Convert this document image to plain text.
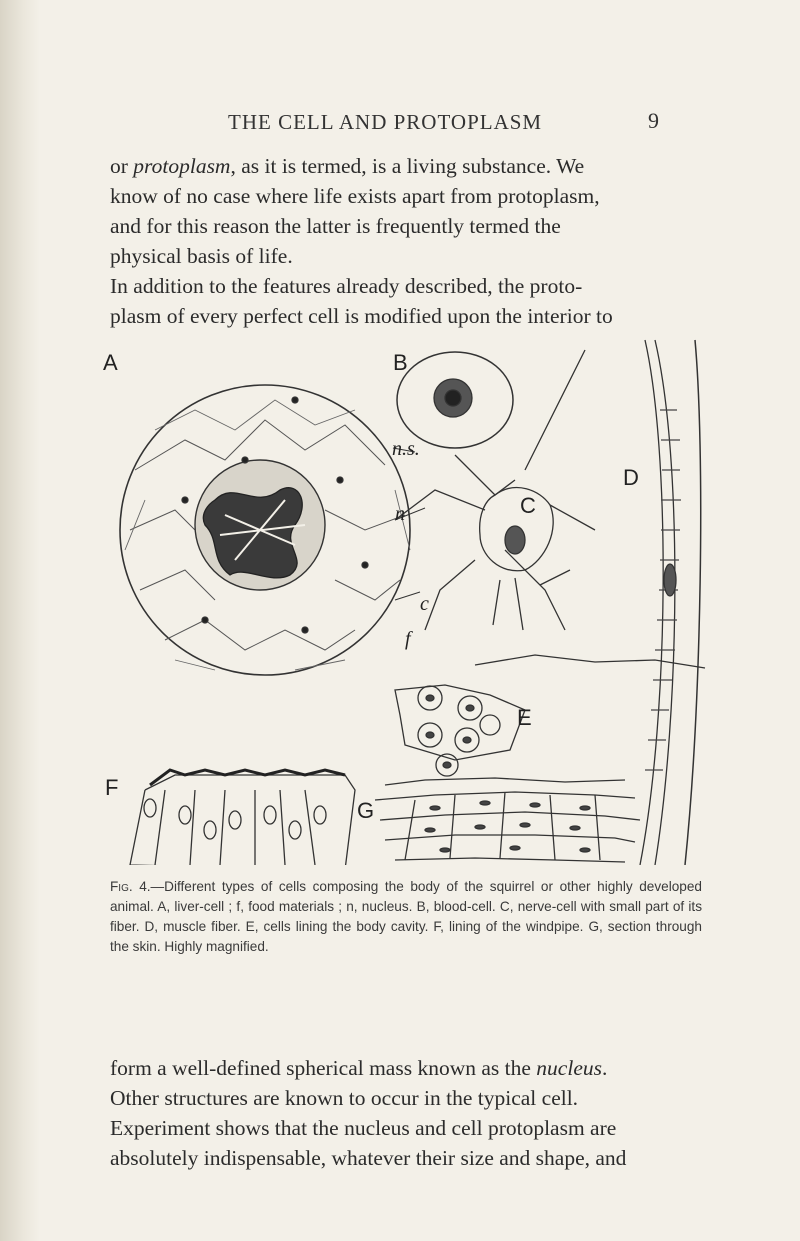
THE CELL AND PROTOPLASM	9

or protoplasm, as it is termed, is a living substance. We
know of no case where life exists apart from protoplasm,
and for this reason the latter is frequently termed the
physical basis of life.
In addition to the features already described, the proto-
plasm of every perfect cell is modified upon the interior to

A	B
C
D
E
F
G
n.s.
n
c
f

Fig. 4.—Different types of cells composing the body of the squirrel or other highly developed animal. A, liver-cell ; f, food materials ; n, nucleus. B, blood-cell. C, nerve-cell with small part of its fiber. D, muscle fiber. E, cells lining the body cavity. F, lining of the windpipe. G, section through the skin. Highly magnified.

form a well-defined spherical mass known as the nucleus.
Other structures are known to occur in the typical cell.
Experiment shows that the nucleus and cell protoplasm are
absolutely indispensable, whatever their size and shape, and
